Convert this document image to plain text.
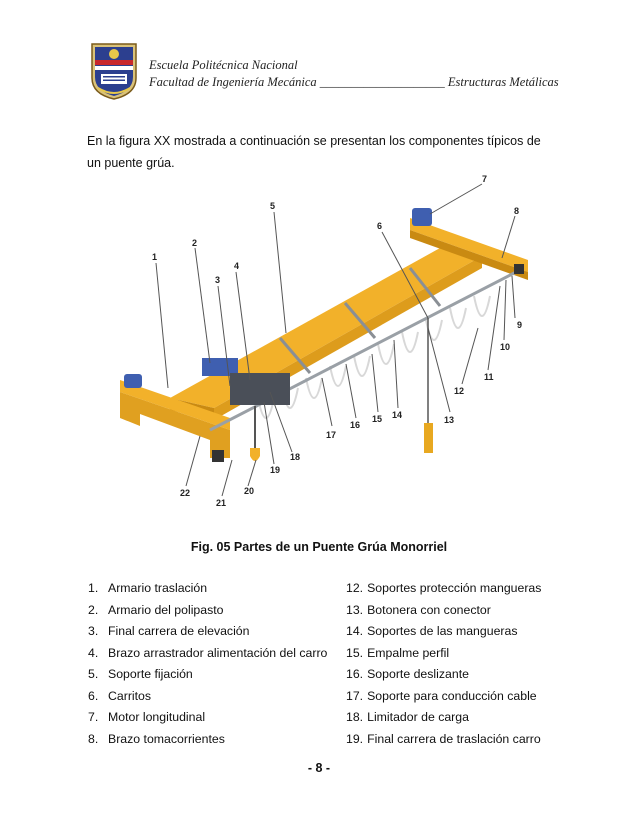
Escuela Politécnica Nacional
Facultad de Ingeniería Mecánica ____________________ Estructuras Metálicas
En la figura XX mostrada a continuación se presentan los componentes típicos de un puente grúa.
1
2
3
4
5
6
7
8
9
10
11
12
13
14
15
16
17
18
19
20
21
22
Fig. 05 Partes de un Puente Grúa Monorriel
1. Armario traslación
2. Armario del polipasto
3. Final carrera de elevación
4. Brazo arrastrador alimentación del carro
5. Soporte fijación
6. Carritos
7. Motor longitudinal
8. Brazo tomacorrientes
12. Soportes protección mangueras
13. Botonera con conector
14. Soportes de las mangueras
15. Empalme perfil
16. Soporte deslizante
17. Soporte para conducción cable
18. Limitador de carga
19. Final carrera de traslación carro
- 8 -
